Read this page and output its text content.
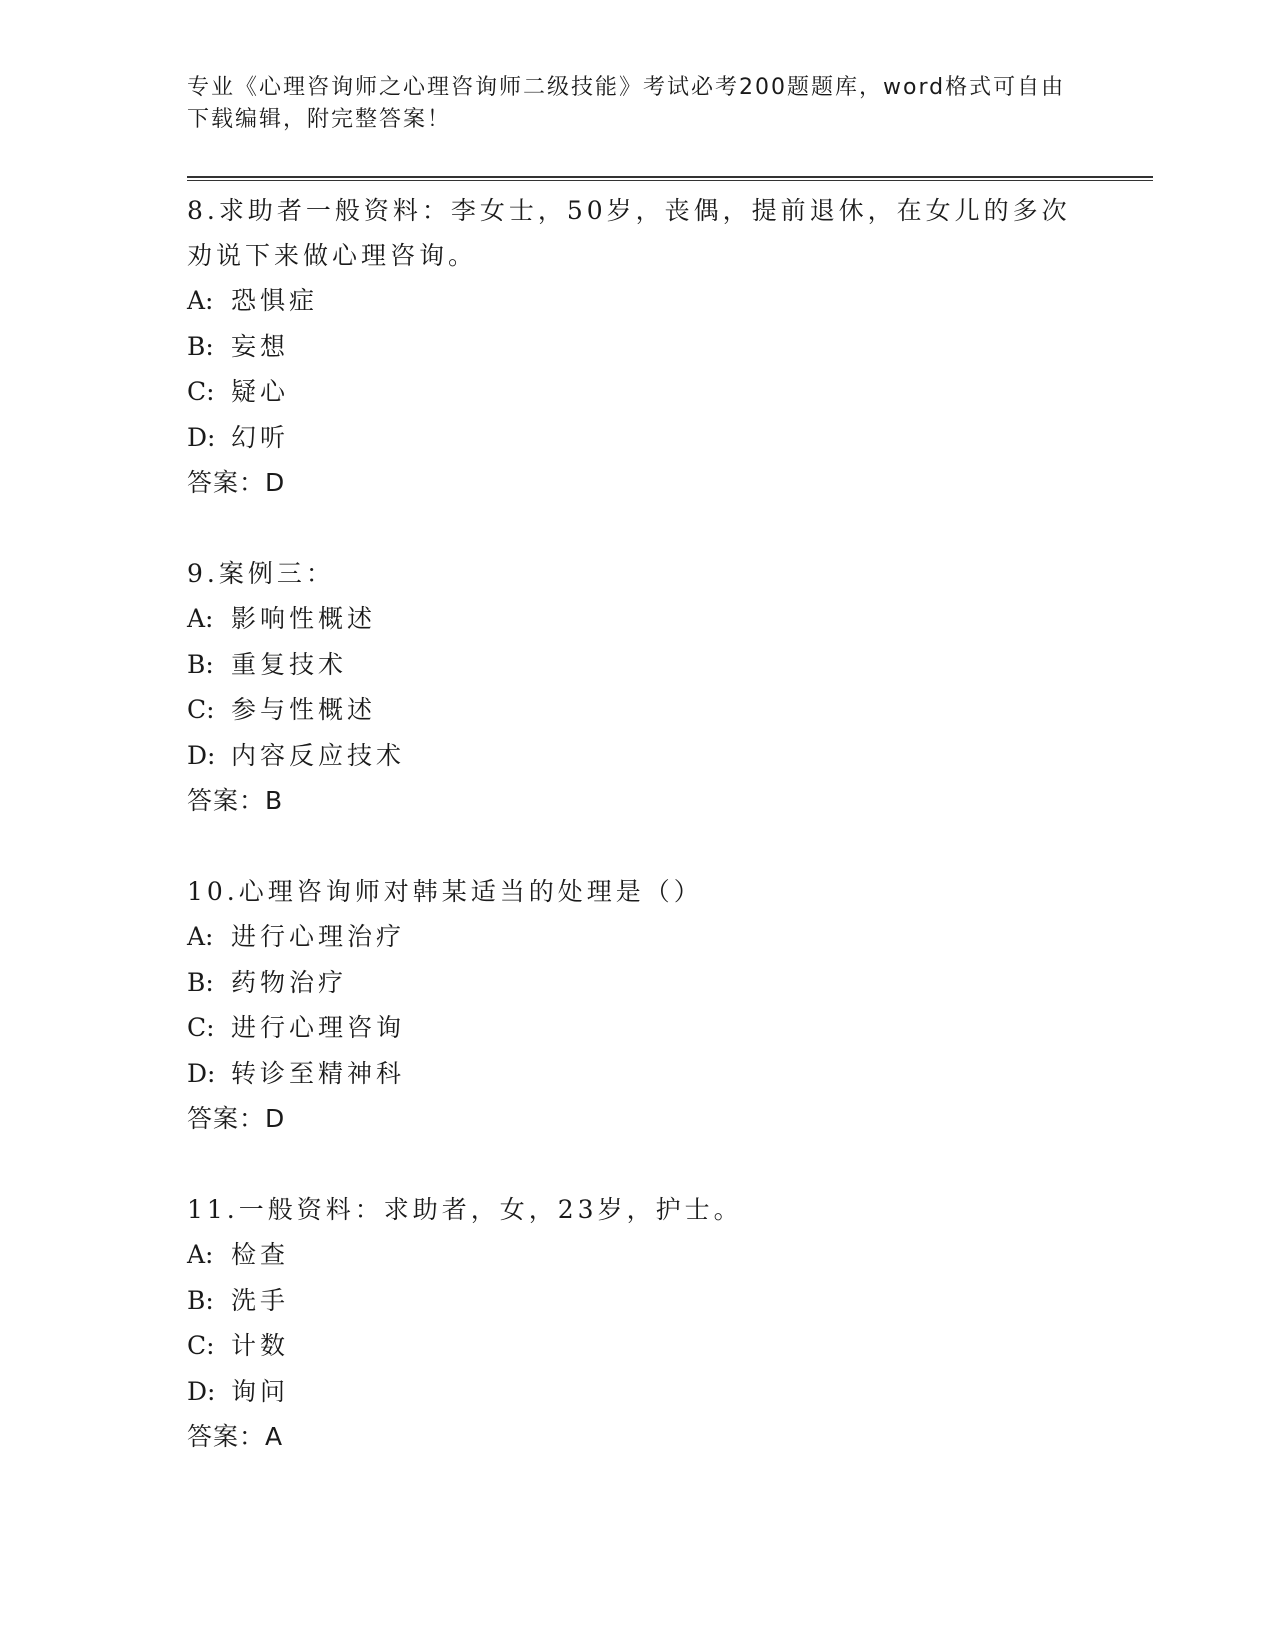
专业《心理咨询师之心理咨询师二级技能》考试必考200题题库，word格式可自由下载编辑，附完整答案！

8.求助者一般资料：李女士，50岁，丧偶，提前退休，在女儿的多次劝说下来做心理咨询。

A: 恐惧症
B: 妄想
C: 疑心
D: 幻听
答案：D

9.案例三：

A: 影响性概述
B: 重复技术
C: 参与性概述
D: 内容反应技术
答案：B

10.心理咨询师对韩某适当的处理是（）

A: 进行心理治疗
B: 药物治疗
C: 进行心理咨询
D: 转诊至精神科
答案：D

11.一般资料：求助者，女，23岁，护士。

A: 检查
B: 洗手
C: 计数
D: 询问
答案：A
